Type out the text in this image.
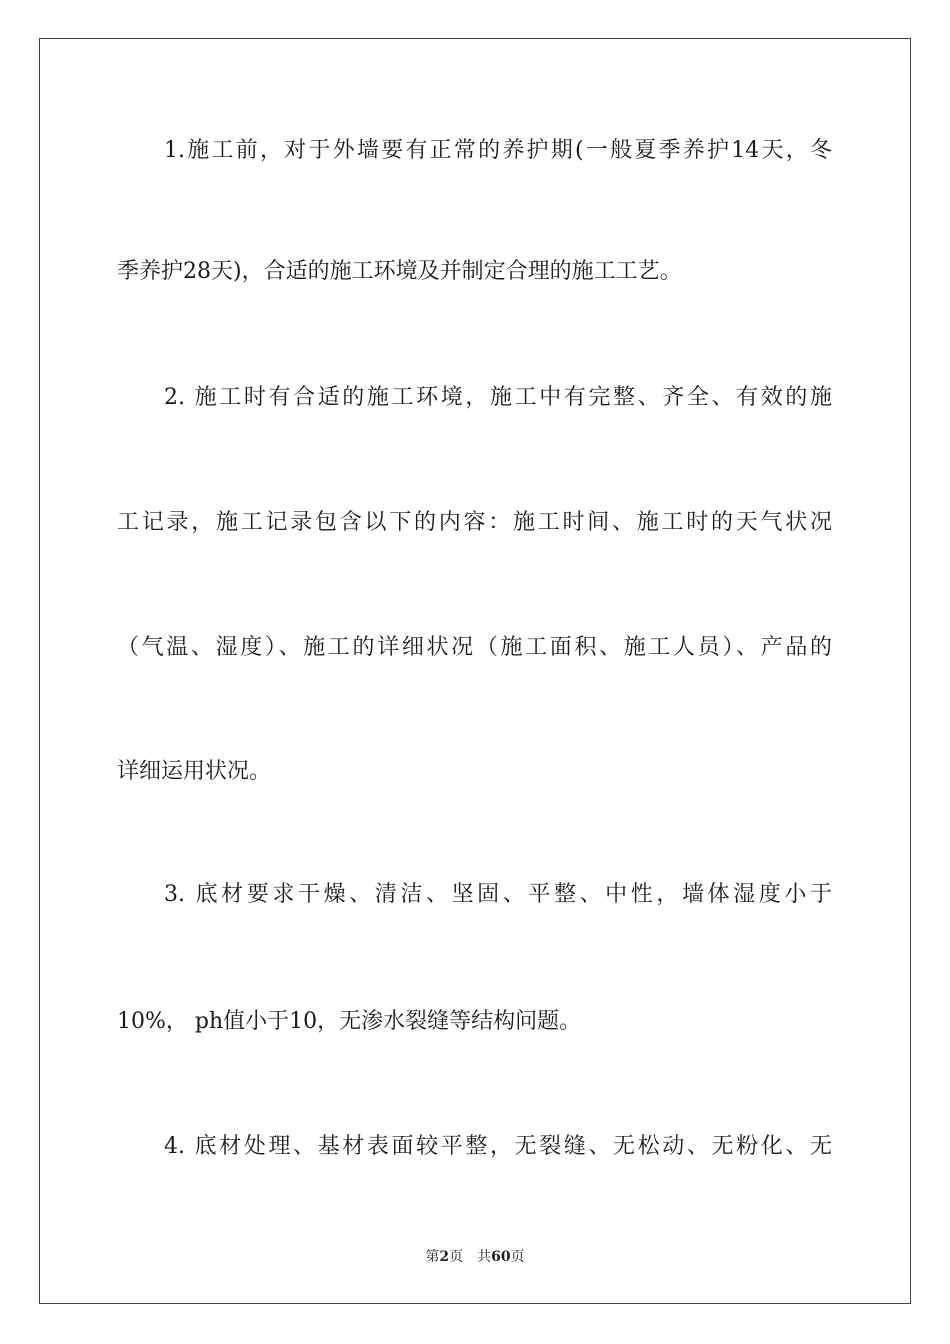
1.施工前，对于外墙要有正常的养护期(一般夏季养护14天，冬
季养护28天)，合适的施工环境及并制定合理的施工工艺。
2. 施工时有合适的施工环境，施工中有完整、齐全、有效的施
工记录，施工记录包含以下的内容：施工时间、施工时的天气状况
（气温、湿度）、施工的详细状况（施工面积、施工人员）、产品的
详细运用状况。
3. 底材要求干燥、清洁、坚固、平整、中性，墙体湿度小于
10%， ph值小于10，无渗水裂缝等结构问题。
4. 底材处理、基材表面较平整，无裂缝、无松动、无粉化、无
第2页 共60页
